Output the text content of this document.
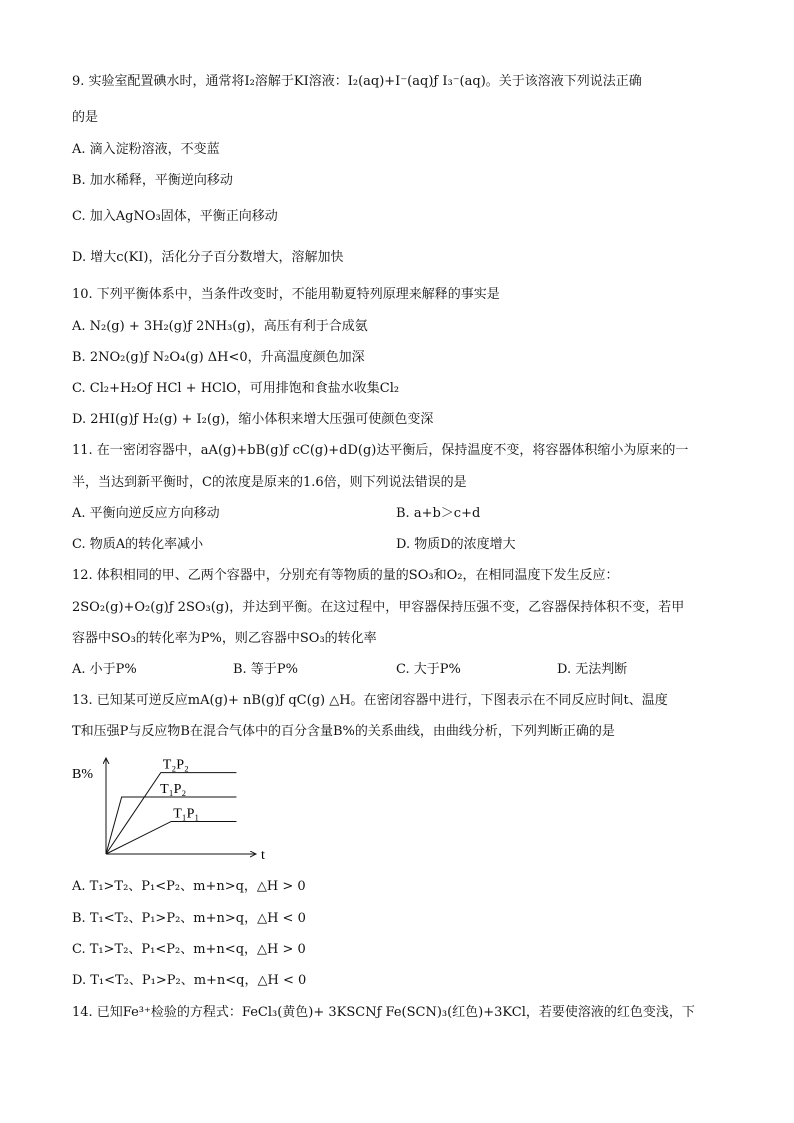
9. 实验室配置碘水时，通常将I₂溶解于KI溶液：I₂(aq)+I⁻(aq)ƒ I₃⁻(aq)。关于该溶液下列说法正确
的是
A. 滴入淀粉溶液，不变蓝
B. 加水稀释，平衡逆向移动
C. 加入AgNO₃固体，平衡正向移动
D. 增大c(KI)，活化分子百分数增大，溶解加快
10. 下列平衡体系中，当条件改变时，不能用勒夏特列原理来解释的事实是
A. N₂(g) + 3H₂(g)ƒ 2NH₃(g)，高压有利于合成氨
B. 2NO₂(g)ƒ N₂O₄(g) ΔH<0，升高温度颜色加深
C. Cl₂+H₂Oƒ HCl + HClO，可用排饱和食盐水收集Cl₂
D. 2HI(g)ƒ H₂(g) + I₂(g)，缩小体积来增大压强可使颜色变深
11. 在一密闭容器中，aA(g)+bB(g)ƒ cC(g)+dD(g)达平衡后，保持温度不变，将容器体积缩小为原来的一
半，当达到新平衡时，C的浓度是原来的1.6倍，则下列说法错误的是
A. 平衡向逆反应方向移动	B. a+b＞c+d
C. 物质A的转化率减小	D. 物质D的浓度增大
12. 体积相同的甲、乙两个容器中，分别充有等物质的量的SO₃和O₂，在相同温度下发生反应：
2SO₂(g)+O₂(g)ƒ 2SO₃(g)，并达到平衡。在这过程中，甲容器保持压强不变，乙容器保持体积不变，若甲
容器中SO₃的转化率为P%，则乙容器中SO₃的转化率
A. 小于P%	B. 等于P%	C. 大于P%	D. 无法判断
13. 已知某可逆反应mA(g)+ nB(g)ƒ qC(g) △H。在密闭容器中进行，下图表示在不同反应时间t、温度
T和压强P与反应物B在混合气体中的百分含量B%的关系曲线，由曲线分析，下列判断正确的是
B%
t
T₂P₂
T₁P₂
T₁P₁
A. T₁>T₂、P₁<P₂、m+n>q，△H > 0
B. T₁<T₂、P₁>P₂、m+n>q，△H < 0
C. T₁>T₂、P₁<P₂、m+n<q，△H > 0
D. T₁<T₂、P₁>P₂、m+n<q，△H < 0
14. 已知Fe³⁺检验的方程式：FeCl₃(黄色)+ 3KSCNƒ Fe(SCN)₃(红色)+3KCl，若要使溶液的红色变浅，下
